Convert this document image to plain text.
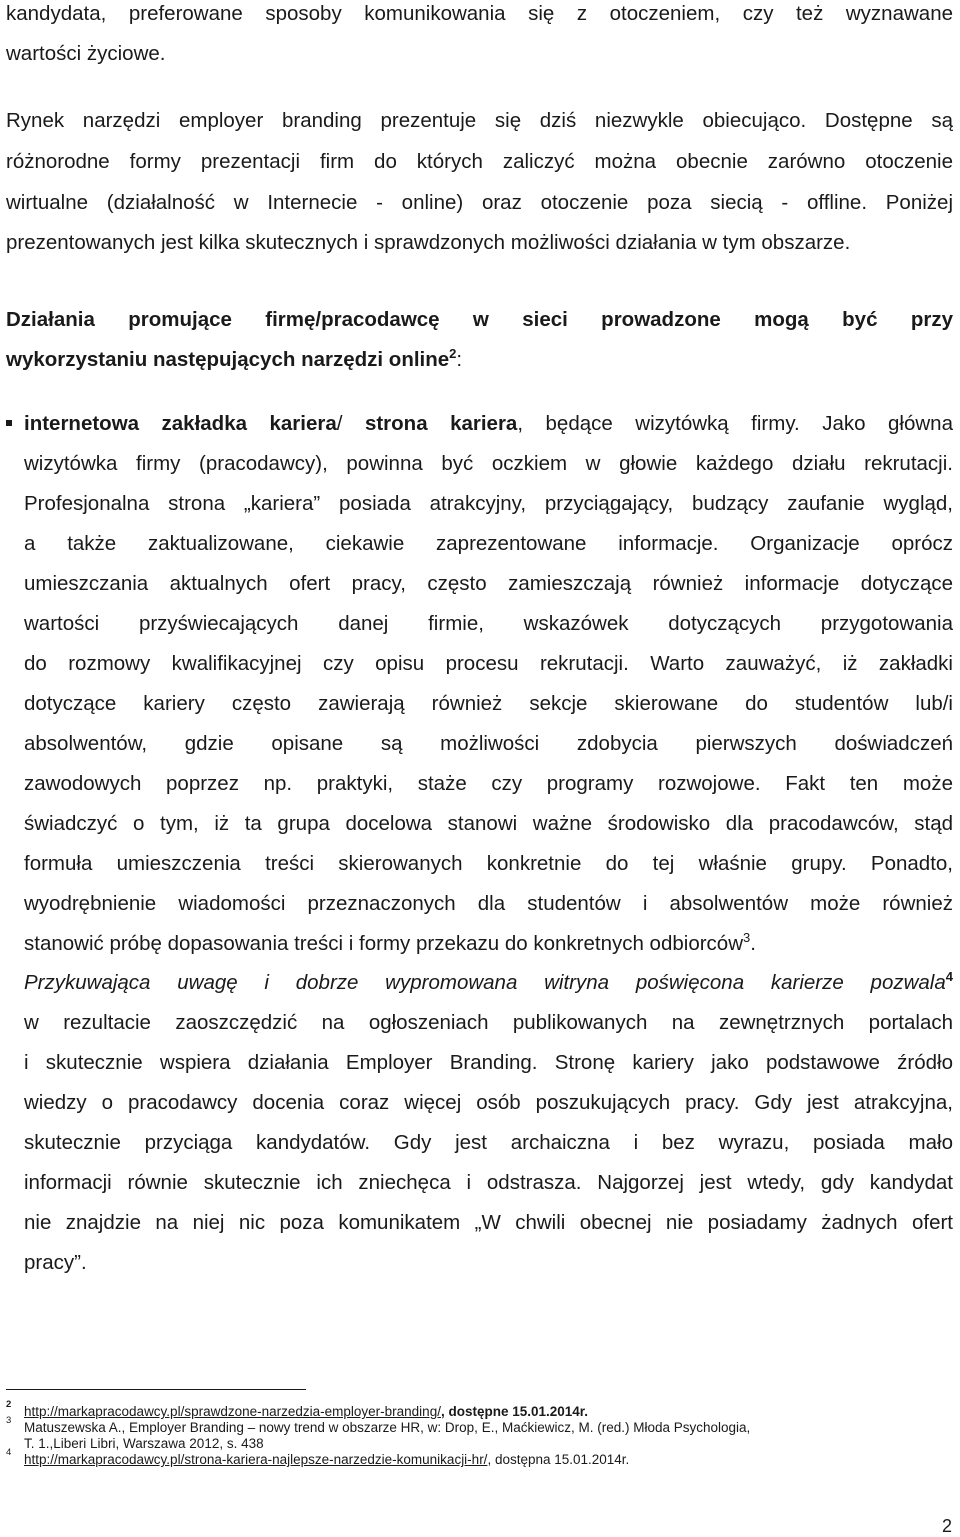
kandydata, preferowane sposoby komunikowania się z otoczeniem, czy też wyznawane
wartości życiowe.
Rynek narzędzi employer branding prezentuje się dziś niezwykle obiecująco. Dostępne są
różnorodne formy prezentacji firm do których zaliczyć można obecnie zarówno otoczenie
wirtualne (działalność w Internecie - online) oraz otoczenie poza siecią - offline. Poniżej
prezentowanych jest kilka skutecznych i sprawdzonych możliwości działania w tym obszarze.
Działania promujące firmę/pracodawcę w sieci prowadzone mogą być przy
wykorzystaniu następujących narzędzi online$^2$:
internetowa zakładka kariera/ strona kariera, będące wizytówką firmy. Jako główna
wizytówka firmy (pracodawcy), powinna być oczkiem w głowie każdego działu rekrutacji.
Profesjonalna strona „kariera” posiada atrakcyjny, przyciągający, budzący zaufanie wygląd,
a także zaktualizowane, ciekawie zaprezentowane informacje. Organizacje oprócz
umieszczania aktualnych ofert pracy, często zamieszczają również informacje dotyczące
wartości przyświecających danej firmie, wskazówek dotyczących przygotowania
do rozmowy kwalifikacyjnej czy opisu procesu rekrutacji. Warto zauważyć, iż zakładki
dotyczące kariery często zawierają również sekcje skierowane do studentów lub/i
absolwentów, gdzie opisane są możliwości zdobycia pierwszych doświadczeń
zawodowych poprzez np. praktyki, staże czy programy rozwojowe. Fakt ten może
świadczyć o tym, iż ta grupa docelowa stanowi ważne środowisko dla pracodawców, stąd
formuła umieszczenia treści skierowanych konkretnie do tej właśnie grupy. Ponadto,
wyodrębnienie wiadomości przeznaczonych dla studentów i absolwentów może również
stanowić próbę dopasowania treści i formy przekazu do konkretnych odbiorców$^3$.
Przykuwająca uwagę i dobrze wypromowana witryna poświęcona karierze pozwala$^4$
w rezultacie zaoszczędzić na ogłoszeniach publikowanych na zewnętrznych portalach
i skutecznie wspiera działania Employer Branding. Stronę kariery jako podstawowe źródło
wiedzy o pracodawcy docenia coraz więcej osób poszukujących pracy. Gdy jest atrakcyjna,
skutecznie przyciąga kandydatów. Gdy jest archaiczna i bez wyrazu, posiada mało
informacji równie skutecznie ich zniechęca i odstrasza. Najgorzej jest wtedy, gdy kandydat
nie znajdzie na niej nic poza komunikatem „W chwili obecnej nie posiadamy żadnych ofert
pracy”.
2 http://markapracodawcy.pl/sprawdzone-narzedzia-employer-branding/, dostępne 15.01.2014r.
3 Matuszewska A., Employer Branding – nowy trend w obszarze HR, w: Drop, E., Maćkiewicz, M. (red.) Młoda Psychologia,
T. 1.,Liberi Libri, Warszawa 2012, s. 438
4 http://markapracodawcy.pl/strona-kariera-najlepsze-narzedzie-komunikacji-hr/, dostępna 15.01.2014r.
2
